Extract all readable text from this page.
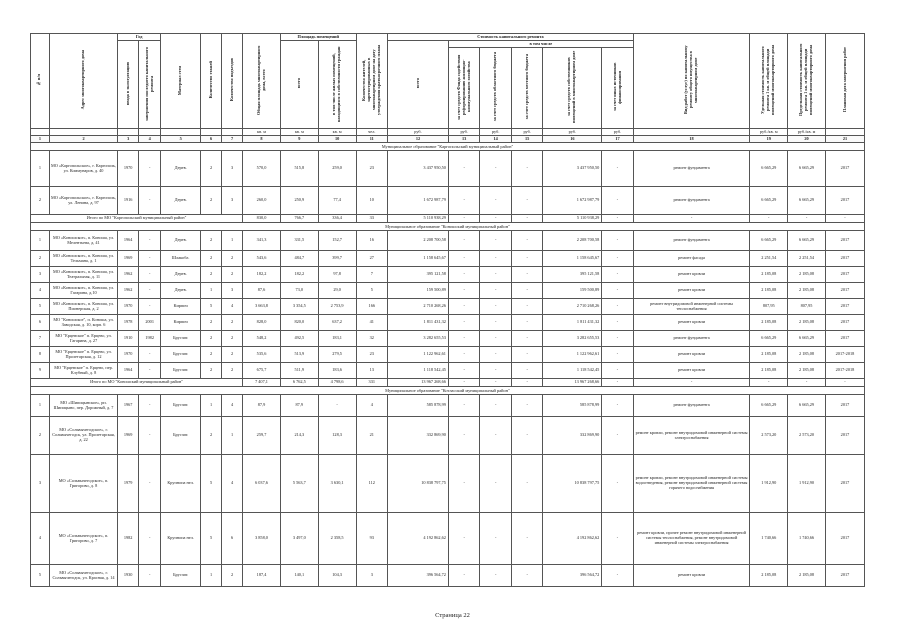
№ п/п	Адрес многоквартирного дома	Год		Материал стен	Количество этажей	Количество подъездов	Общая площадь многоквартирного дома, всего	Площадь помещений		Количество жителей, зарегистрированных в многоквартирном доме на дату утверждения краткосрочного плана	Стоимость капитального ремонта						Вид работ (услуг) по капитальному ремонту общего имущества в многоквартирном доме	Удельная стоимость капитального ремонта 1 кв. м общей площади помещений многоквартирного дома	Предельная стоимость капитального ремонта 1 кв. м общей площади помещений многоквартирного дома	Плановая дата завершения работ
		ввода в эксплуатацию	завершения последнего капитального ремонта					всего	в том числе жилых помещений, находящихся в собственности граждан		всего	в том числе								
												за счет средств Фонда содействия реформированию жилищно-коммунального хозяйства	за счет средств областного бюджета	за счет средств местного бюджета	за счет средств собственников помещений в многоквартирном доме	за счет иных источников финансирования				
							кв. м	кв. м	кв. м	чел.	руб.	руб.	руб.	руб.	руб.	руб.		руб./кв. м	руб./кв. м	
1	2	3	4	5	6	7	8	9	10	11	12	13	14	15	16	17	18	19	20	21
Муниципальное образование "Каргопольский муниципальный район"																				
1	МО «Каргопольское», г. Каргополь, ул. Коммунаров, д. 40	1970	-	Дерев.	2	3	570,0	515,8	259,0	23	3 437 950,50	-	-	-	3 437 950,50	-	ремонт фундамента	6 665,29	6 665,29	2017
2	МО «Каргопольское», г. Каргополь, ул. Ленина, д. 97	1916	-	Дерев.	2	3	260,0	250,9	77,4	10	1 672 987,79	-	-	-	1 672 987,79	-	ремонт фундамента	6 665,29	6 665,29	2017
Итого по МО "Каргопольский муниципальный район"							830,0	766,7	336,4	33	5 110 938,29	-	-	-	5 110 938,29	-	-	-	-	-
Муниципальное образование "Коношский муниципальный район"																				
1	МО «Коношское», п. Коноша, ул. Мелентьева, д. 41	1964	-	Дерев.	2	1	341,3	331,5	152,7	16	2 208 700,58	-	-	-	2 208 700,58	-	ремонт фундамента	6 665,29	6 665,29	2017
2	МО «Коношское», п. Коноша, ул. Тельмана, д. 1	1969	-	Шлакобл.	2	2	543,6	484,7	399,7	27	1 158 645,67	-	-	-	1 158 645,67	-	ремонт фасада	2 251,54	2 251,54	2017
3	МО «Коношское», п. Коноша, ул. Театральная, д. 11	1962	-	Дерев.	2	2	182,2	182,2	97,8	7	395 121,58	-	-	-	395 121,58	-	ремонт кровли	2 185,08	2 185,08	2017
4	МО «Коношское», п. Коноша, ул. Гагарина, д.10	1962	-	Дерев.	1	3	87,6	73,0	29,0	5	159 500,89	-	-	-	159 500,89	-	ремонт кровли	2 185,08	2 185,08	2017
5	МО «Коношское», п. Коноша, ул. Пионерская, д. 2	1970	-	Кирпич	5	4	3 663,8	3 354,5	2 753,9	166	2 710 268,26	-	-	-	2 710 268,26	-	ремонт внутридомовой инженерной системы теплоснабжения	807,95	807,95	2017
6	МО "Коношское", п. Коноша, ул. Заводская, д. 10, корп. 6	1978	2001	Кирпич	2	2	828,0	820,0	637,2	41	1 811 431,32	-	-	-	1 811 431,32	-	ремонт кровли	2 185,08	2 185,08	2017
7	МО "Ерцевское" п. Ерцево, ул. Гагарина, д. 27	1910	1982	Брусчат.	2	2	548,2	492,5	183,1	32	3 282 655,53	-	-	-	3 282 655,53	-	ремонт фундамента	6 665,29	6 665,29	2017
8	МО "Ерцевское" п. Ерцево, ул. Пролетарская, д. 12	1970	-	Брусчат.	2	2	535,6	513,9	279,5	23	1 122 962,61	-	-	-	1 122 962,61	-	ремонт кровли	2 185,08	2 185,08	2017-2018
9	МО "Ерцевское" п. Ерцево, пер. Клубный, д. 8	1964	-	Брусчат.	2	2	675,7	511,9	183,6	13	1 118 542,45	-	-	-	1 118 542,45	-	ремонт кровли	2 185,08	2 185,08	2017-2018
Итого по МО "Коношский муниципальный район"							7 407,1	6 762,5	4 798,6	331	13 967 268,66	-	-	-	13 967 268,66	-	-	-	-	-
Муниципальное образование "Котласский муниципальный район"																				
1	МО «Шипицынское», рп. Шипицыно, пер. Дорожный, д. 7	1967	-	Брусчат.	1	4	87,9	87,9	-	4	585 878,99	-	-	-	585 878,99	-	ремонт фундамента	6 665,29	6 665,29	2017
2	МО «Сольвычегодское», г. Сольвычегодск, ул. Пролетарская, д. 22	1969	-	Брусчат.	2	1	259,7	214,3	128,3	21	332 869,90	-	-	-	332 869,90	-	ремонт кровли, ремонт внутридомовой инженерной системы электроснабжения	2 573,20	2 573,20	2017
3	МО «Сольвычегодское», п. Григорово, д. 8	1979	-	Крупнопа нел.	5	4	6 037,6	5 563,7	3 630,1	112	10 838 797,75	-	-	-	10 838 797,75	-	ремонт кровли, ремонт внутридомовой инженерной системы водоотведения, ремонт внутридомовой инженерной системы горячего водоснабжения	1 912,90	1 912,90	2017
4	МО «Сольвычегодское», п. Григорово, д. 7	1982	-	Крупнопа нел.	5	6	3 858,0	3 497,0	2 358,5	93	4 192 862,62	-	-	-	4 192 862,62	-	ремонт кровли, прочее ремонт внутридомовой инженерной системы теплоснабжения, ремонт внутридомовой инженерной системы электроснабжения	1 740,66	1 740,66	2017
5	МО «Сольвычегодское», г. Сольвычегодск, ул. Красная, д. 14	1930	-	Брусчат.	1	2	187,4	140,1	104,3	3	396 564,72	-	-	-	396 564,72	-	ремонт кровли	2 185,08	2 185,08	2017
Страница 22
